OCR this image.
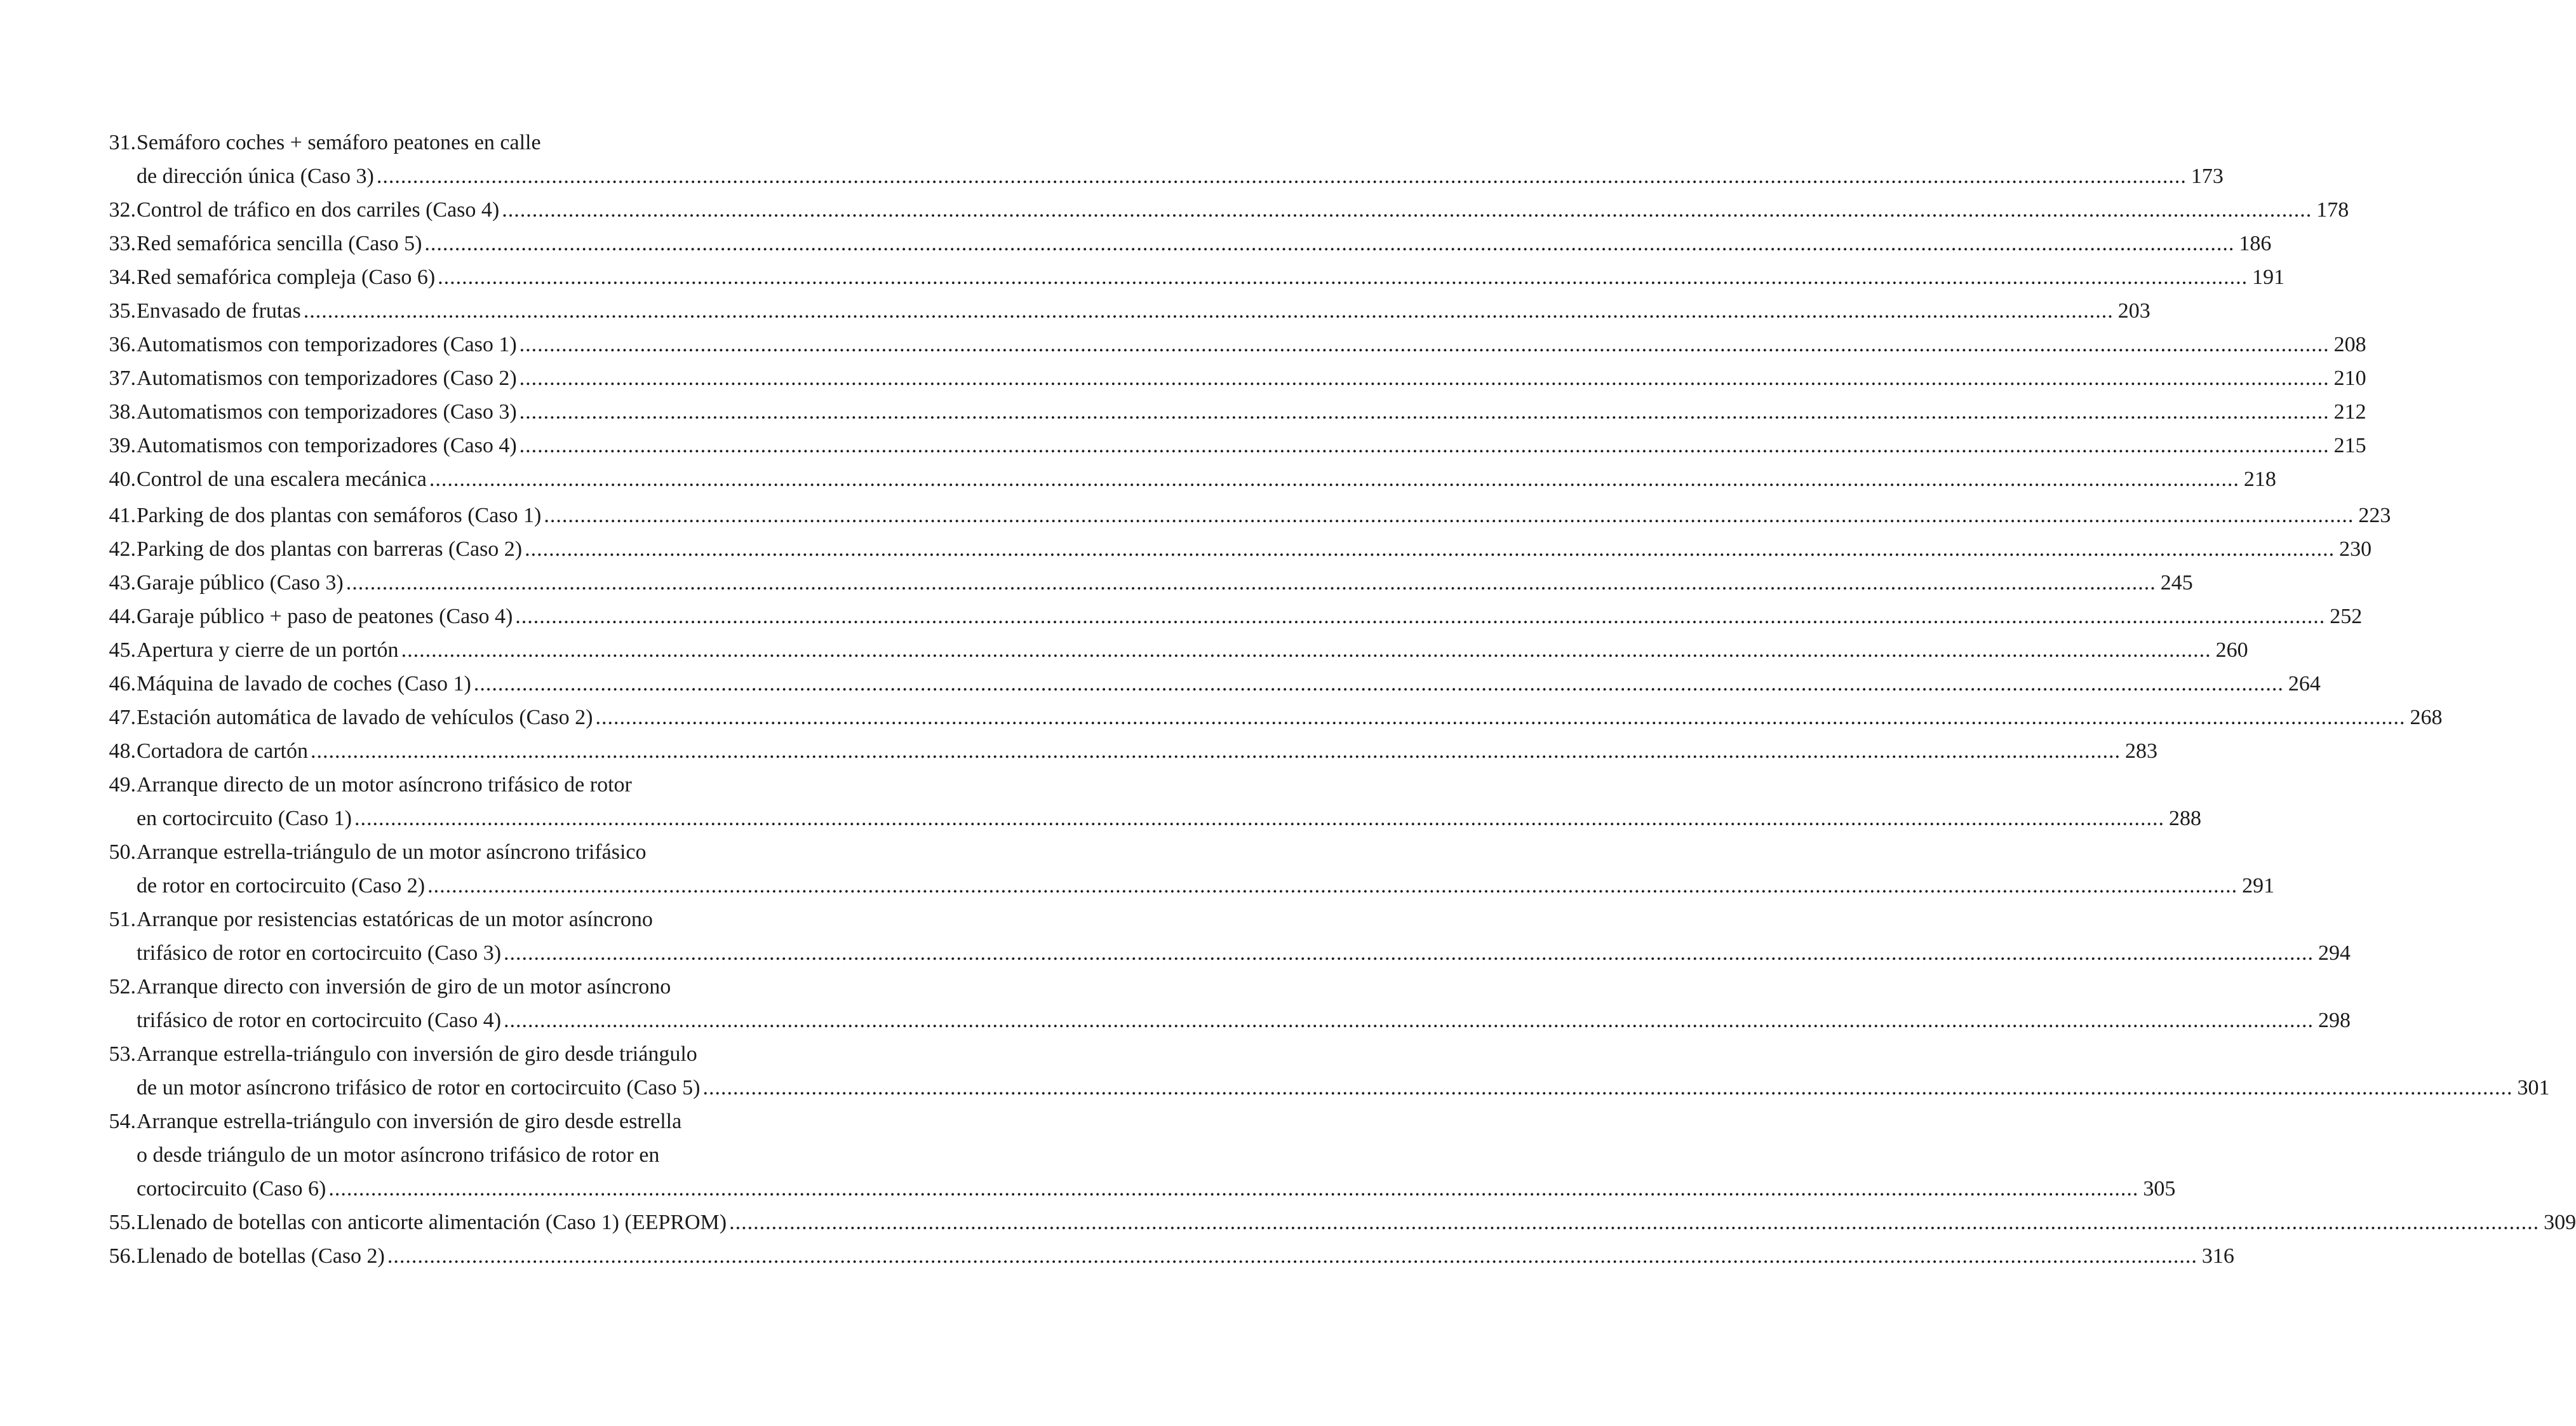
31. Semáforo coches + semáforo peatones en calle
de dirección única (Caso 3) ............................................................................................................................................................................................................................................................................................................ 173
32. Control de tráfico en dos carriles (Caso 4) ............................................................................................................................................................................................................................................................................................................ 178
33. Red semafórica sencilla (Caso 5) ............................................................................................................................................................................................................................................................................................................ 186
34. Red semafórica compleja (Caso 6) ............................................................................................................................................................................................................................................................................................................ 191
35. Envasado de frutas ............................................................................................................................................................................................................................................................................................................ 203
36. Automatismos con temporizadores (Caso 1) ............................................................................................................................................................................................................................................................................................................ 208
37. Automatismos con temporizadores (Caso 2) ............................................................................................................................................................................................................................................................................................................ 210
38. Automatismos con temporizadores (Caso 3) ............................................................................................................................................................................................................................................................................................................ 212
39. Automatismos con temporizadores (Caso 4) ............................................................................................................................................................................................................................................................................................................ 215
40. Control de una escalera mecánica ............................................................................................................................................................................................................................................................................................................ 218
41. Parking de dos plantas con semáforos (Caso 1) ............................................................................................................................................................................................................................................................................................................ 223
42. Parking de dos plantas con barreras (Caso 2) ............................................................................................................................................................................................................................................................................................................ 230
43. Garaje público (Caso 3) ............................................................................................................................................................................................................................................................................................................ 245
44. Garaje público + paso de peatones (Caso 4) ............................................................................................................................................................................................................................................................................................................ 252
45. Apertura y cierre de un portón ............................................................................................................................................................................................................................................................................................................ 260
46. Máquina de lavado de coches (Caso 1) ............................................................................................................................................................................................................................................................................................................ 264
47. Estación automática de lavado de vehículos (Caso 2) ............................................................................................................................................................................................................................................................................................................ 268
48. Cortadora de cartón ............................................................................................................................................................................................................................................................................................................ 283
49. Arranque directo de un motor asíncrono trifásico de rotor
en cortocircuito (Caso 1) ............................................................................................................................................................................................................................................................................................................ 288
50. Arranque estrella-triángulo de un motor asíncrono trifásico
de rotor en cortocircuito (Caso 2) ............................................................................................................................................................................................................................................................................................................ 291
51. Arranque por resistencias estatóricas de un motor asíncrono
trifásico de rotor en cortocircuito (Caso 3) ............................................................................................................................................................................................................................................................................................................ 294
52. Arranque directo con inversión de giro de un motor asíncrono
trifásico de rotor en cortocircuito (Caso 4) ............................................................................................................................................................................................................................................................................................................ 298
53. Arranque estrella-triángulo con inversión de giro desde triángulo
de un motor asíncrono trifásico de rotor en cortocircuito (Caso 5) ............................................................................................................................................................................................................................................................................................................ 301
54. Arranque estrella-triángulo con inversión de giro desde estrella
o desde triángulo de un motor asíncrono trifásico de rotor en
cortocircuito (Caso 6) ............................................................................................................................................................................................................................................................................................................ 305
55. Llenado de botellas con anticorte alimentación (Caso 1) (EEPROM) ............................................................................................................................................................................................................................................................................................................ 309
56. Llenado de botellas (Caso 2) ............................................................................................................................................................................................................................................................................................................ 316
